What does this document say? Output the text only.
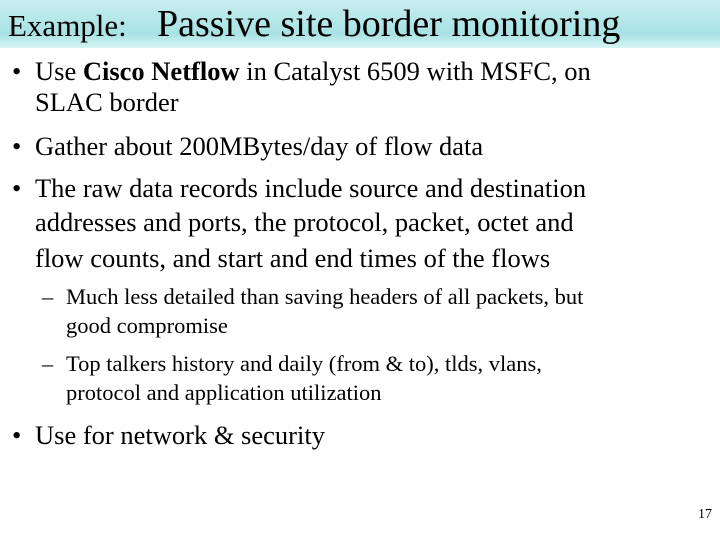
Example: Passive site border monitoring
• Use Cisco Netflow in Catalyst 6509 with MSFC, on
SLAC border
• Gather about 200MBytes/day of flow data
• The raw data records include source and destination
addresses and ports, the protocol, packet, octet and
flow counts, and start and end times of the flows
– Much less detailed than saving headers of all packets, but
good compromise
– Top talkers history and daily (from & to), tlds, vlans,
protocol and application utilization
• Use for network & security
17
